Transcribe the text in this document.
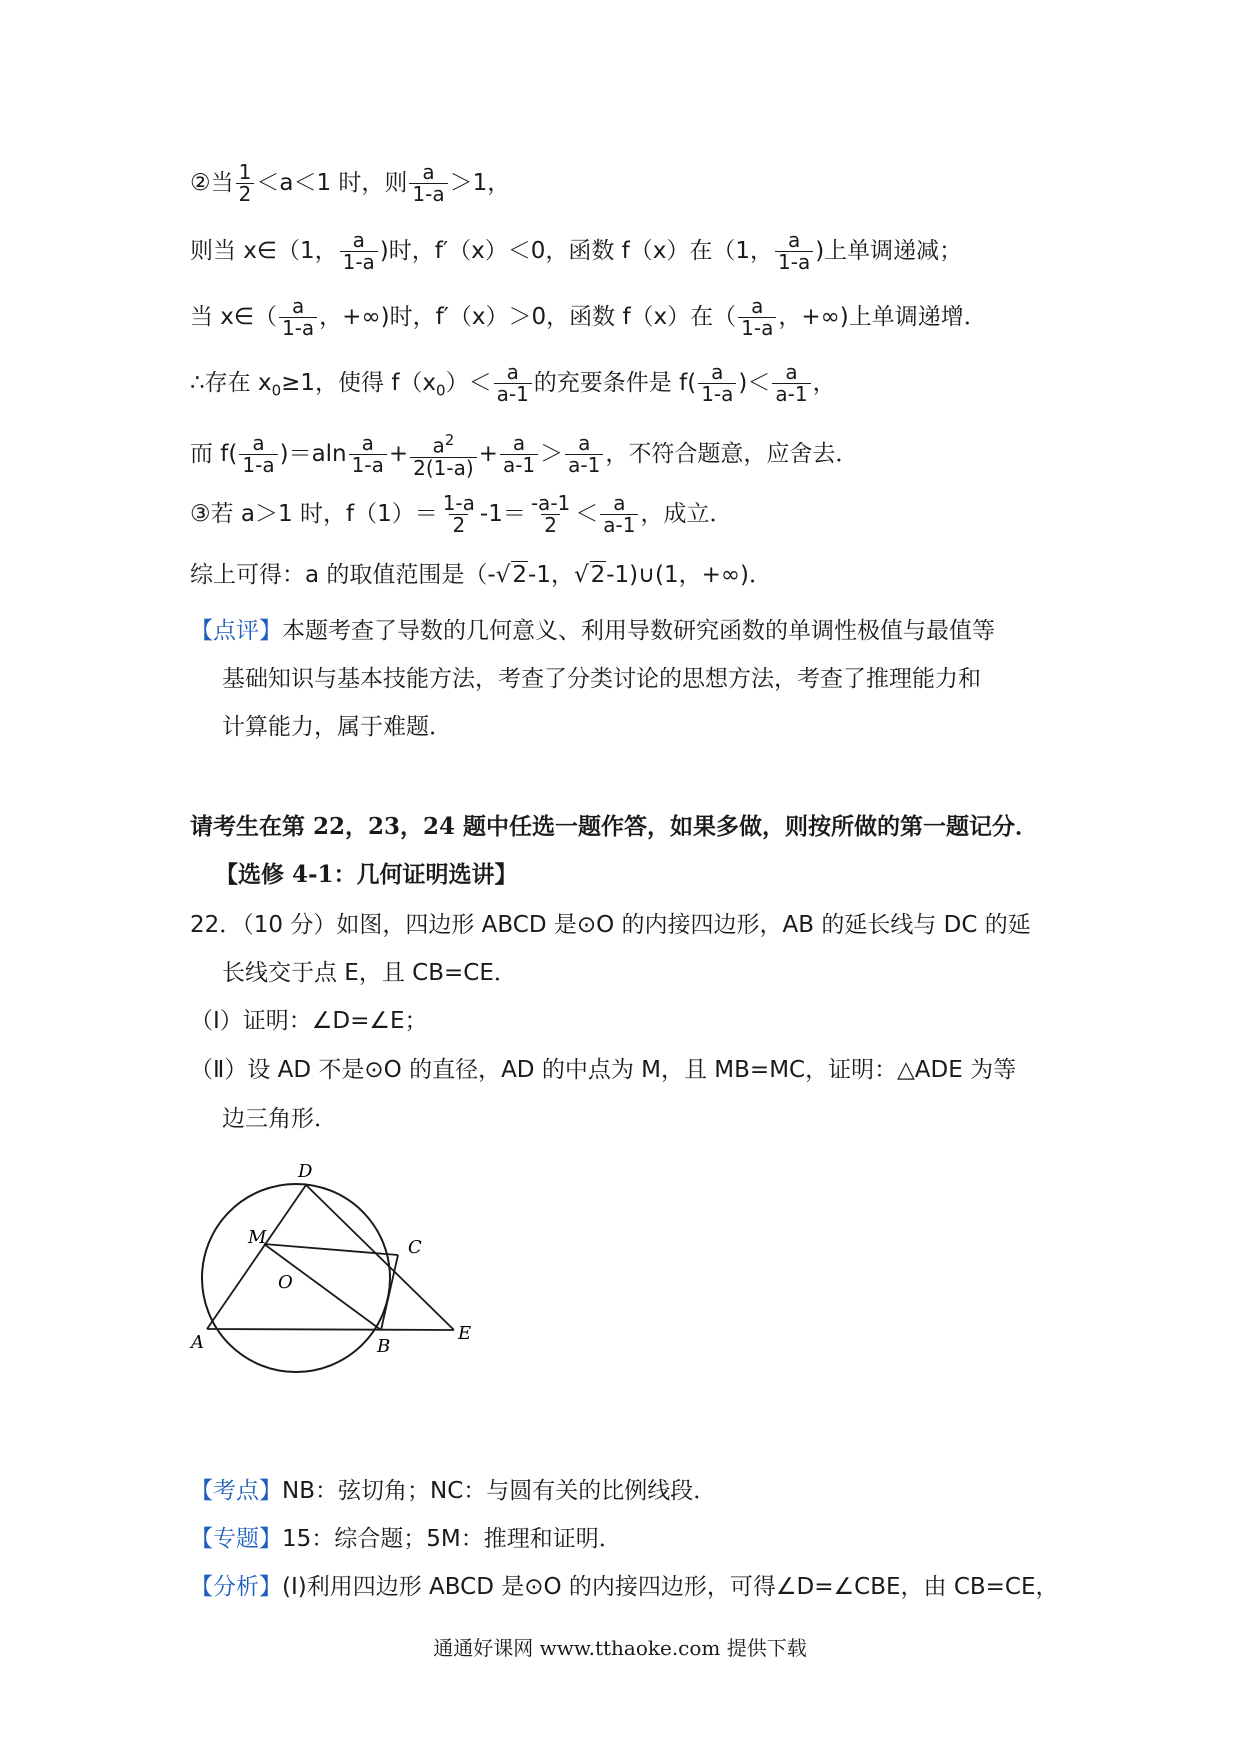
②当 $\frac{1}{2} <a<1$ 时，则 $\frac{a}{1-a} >1$，
则当 x∈（1， $\frac{a}{1-a}$ )时，f′（x）＜0，函数 f（x）在（1， $\frac{a}{1-a}$ )上单调递减；
当 x∈（ $\frac{a}{1-a}$ ，+∞)时，f′（x）＞0，函数 f（x）在（ $\frac{a}{1-a}$ ，+∞)上单调递增．
∴存在 $x_0\ge 1$，使得 $f(x_0)< \frac{a}{a-1}$ 的充要条件是 $f( \frac{a}{1-a}$ )＜ $\frac{a}{a-1}$ ，
而 $f( \frac{a}{1-a} )=aln \frac{a}{1-a} + \frac{a^2}{2(1-a)} + \frac{a}{a-1} > \frac{a}{a-1}$ ，不符合题意，应舍去．
③若 a＞1 时，$f(1)= \frac{1-a}{2} -1= \frac{-a-1}{2} < \frac{a}{a-1}$ ，成立．
综上可得：a 的取值范围是（-√2-1，√2-1)∪(1，+∞)．
【点评】本题考查了导数的几何意义、利用导数研究函数的单调性极值与最值等
基础知识与基本技能方法，考查了分类讨论的思想方法，考查了推理能力和
计算能力，属于难题．
请考生在第 22，23，24 题中任选一题作答，如果多做，则按所做的第一题记分．
【选修 4-1：几何证明选讲】
22．（10 分）如图，四边形 ABCD 是⊙O 的内接四边形，AB 的延长线与 DC 的延
长线交于点 E，且 CB=CE．
（Ⅰ）证明：∠D=∠E；
（Ⅱ）设 AD 不是⊙O 的直径，AD 的中点为 M，且 MB=MC，证明：△ADE 为等
边三角形．
D
M	C
O
A	B
E
【考点】NB：弦切角；NC：与圆有关的比例线段．
【专题】15：综合题；5M：推理和证明．
【分析】(Ⅰ)利用四边形 ABCD 是⊙O 的内接四边形，可得∠D=∠CBE，由 CB=CE，
通通好课网 www.tthaoke.com 提供下载
